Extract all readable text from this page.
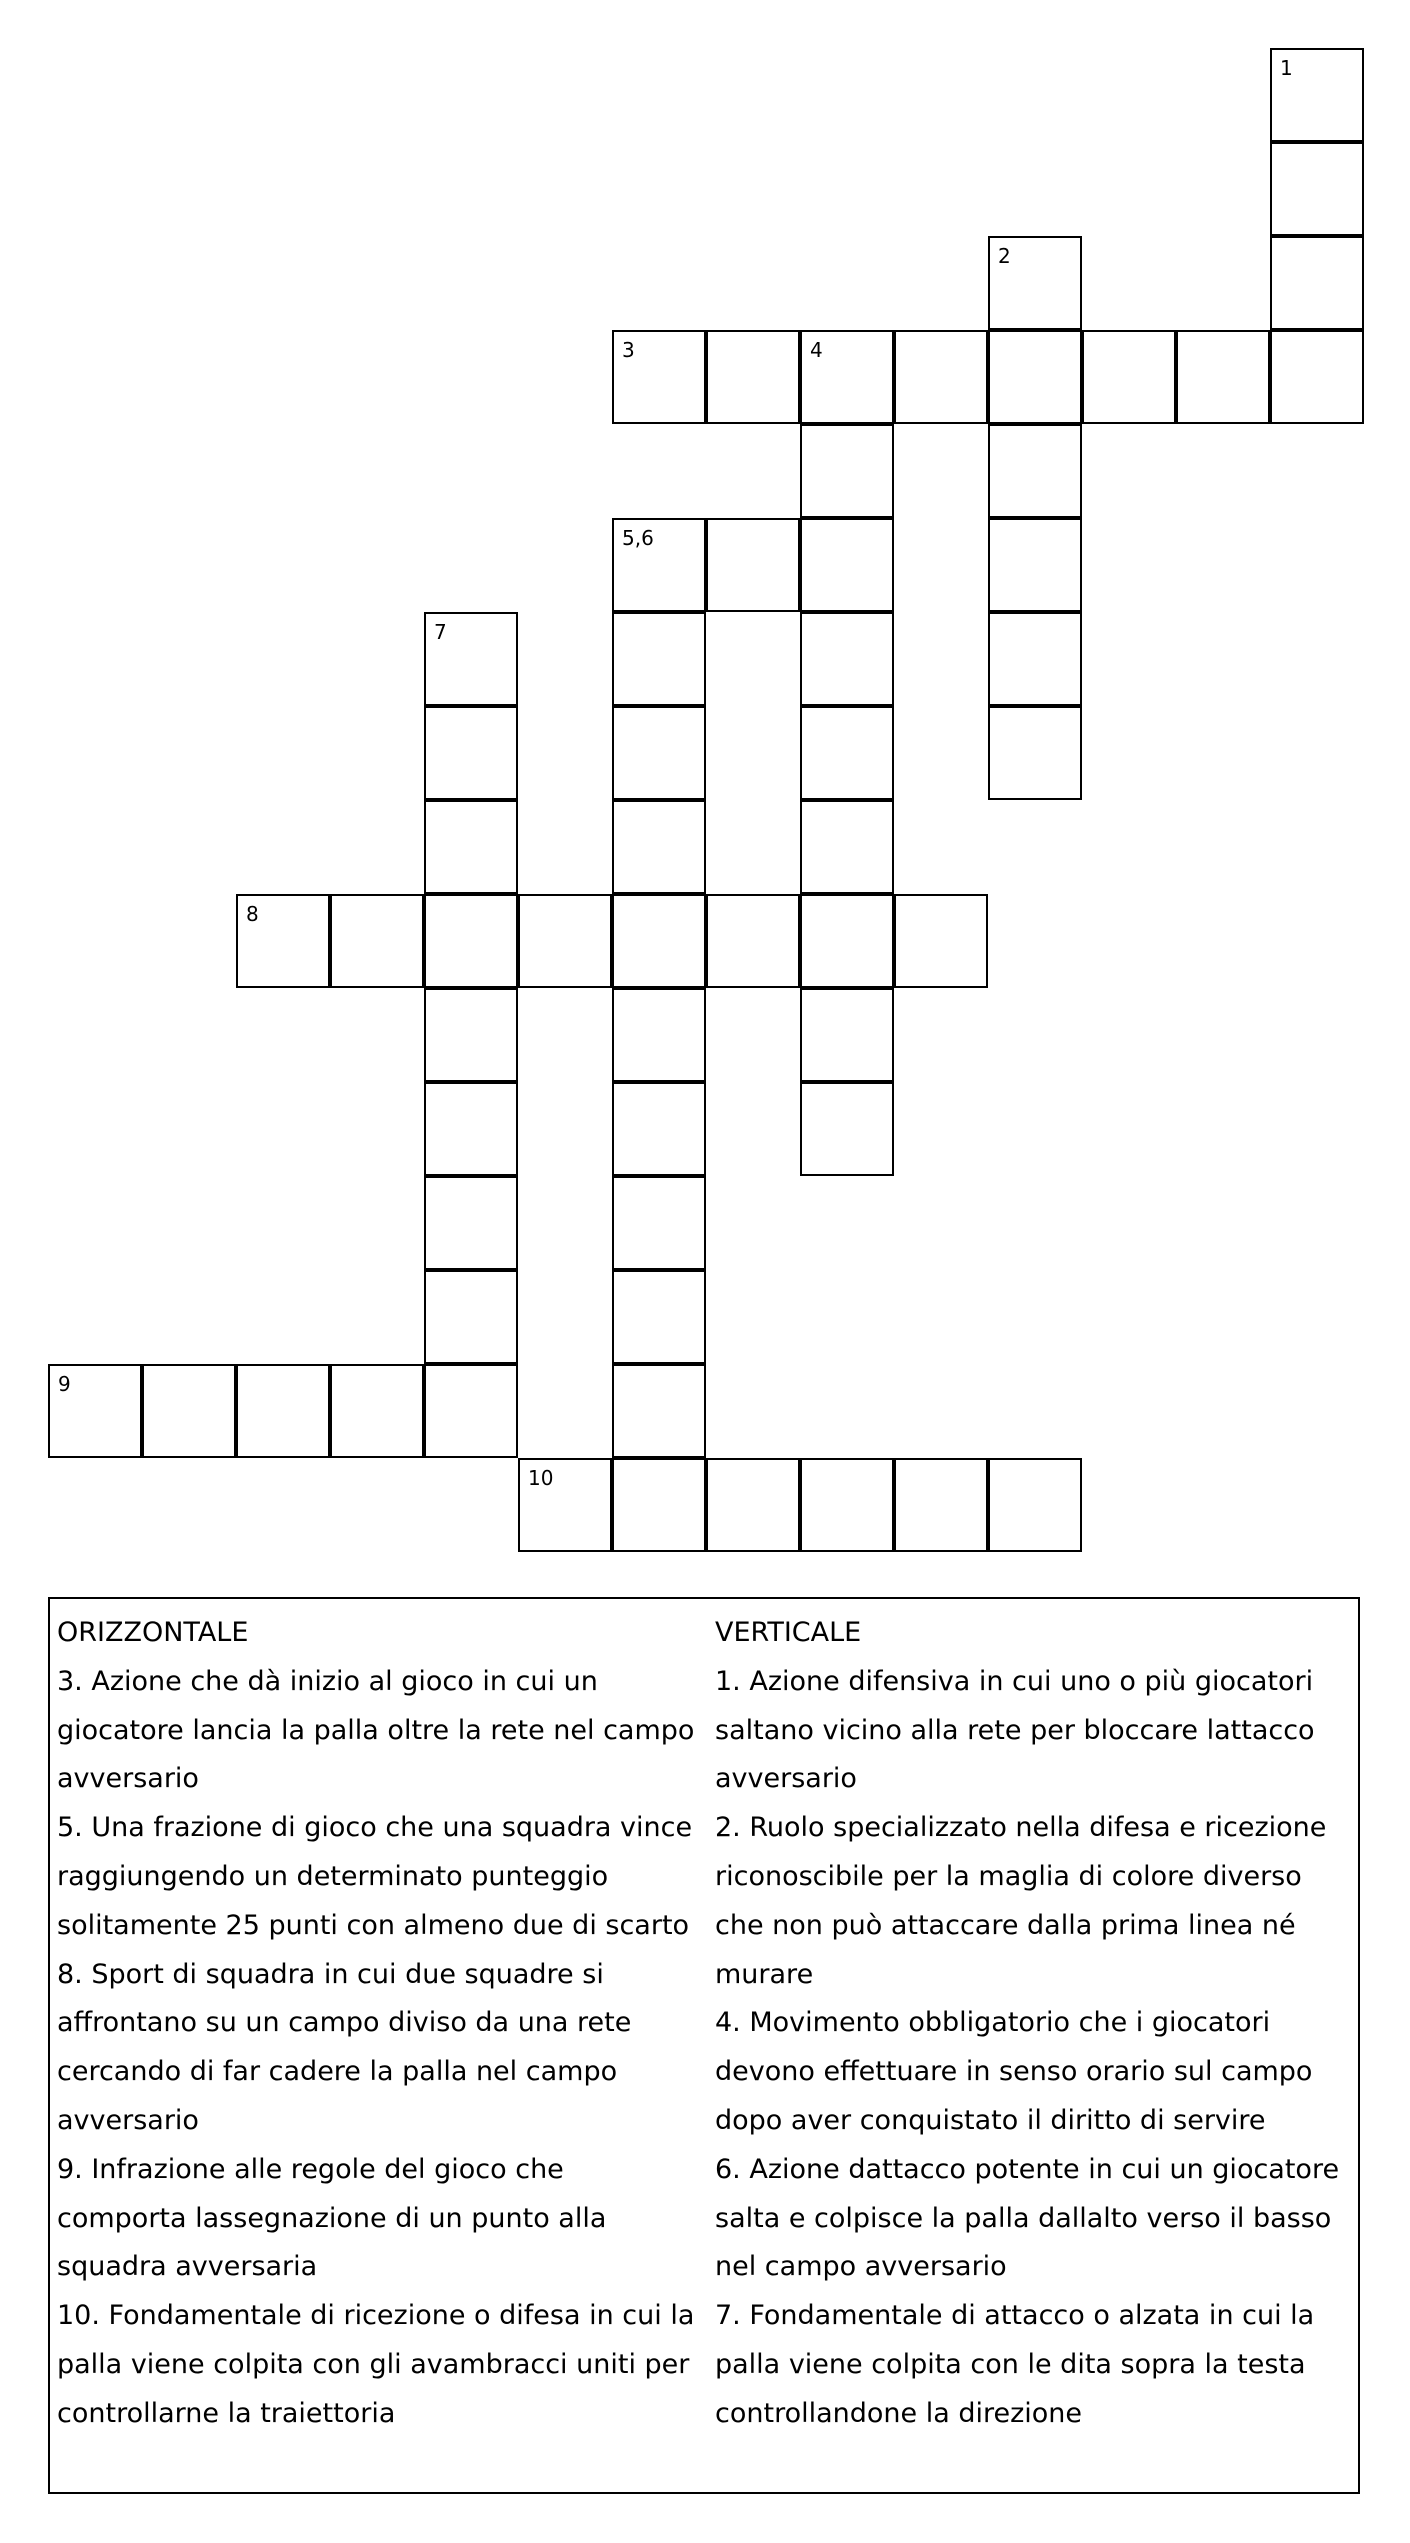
1
2
3	4
5,6
7
8
9
10

ORIZZONTALE

3. Azione che dà inizio al gioco in cui un giocatore lancia la palla oltre la rete nel campo avversario

5. Una frazione di gioco che una squadra vince raggiungendo un determinato punteggio solitamente 25 punti con almeno due di scarto

8. Sport di squadra in cui due squadre si affrontano su un campo diviso da una rete cercando di far cadere la palla nel campo avversario

9. Infrazione alle regole del gioco che comporta lassegnazione di un punto alla squadra avversaria

10. Fondamentale di ricezione o difesa in cui la palla viene colpita con gli avambracci uniti per controllarne la traiettoria

VERTICALE

1. Azione difensiva in cui uno o più giocatori saltano vicino alla rete per bloccare lattacco avversario

2. Ruolo specializzato nella difesa e ricezione riconoscibile per la maglia di colore diverso che non può attaccare dalla prima linea né murare

4. Movimento obbligatorio che i giocatori devono effettuare in senso orario sul campo dopo aver conquistato il diritto di servire

6. Azione dattacco potente in cui un giocatore salta e colpisce la palla dallalto verso il basso nel campo avversario

7. Fondamentale di attacco o alzata in cui la palla viene colpita con le dita sopra la testa controllandone la direzione
